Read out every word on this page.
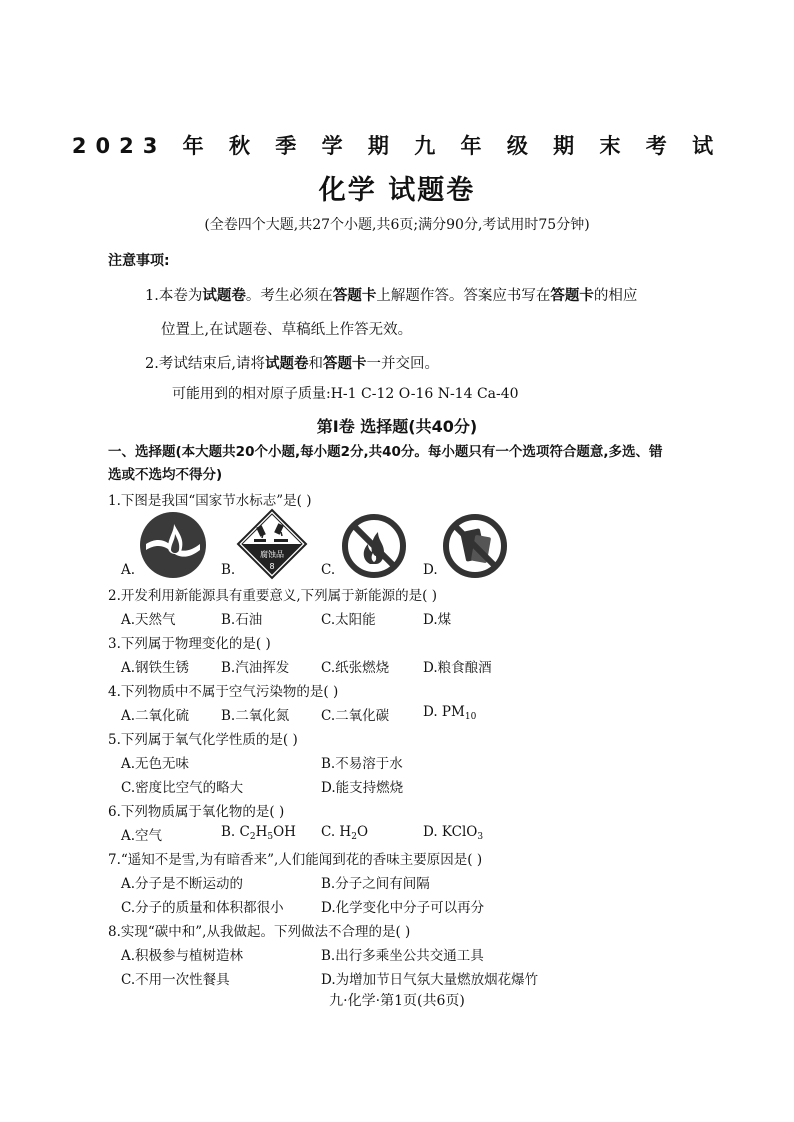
2023 年 秋 季 学 期 九 年 级 期 末 考 试
化学 试题卷
(全卷四个大题,共27个小题,共6页;满分90分,考试用时75分钟)
注意事项:
1.本卷为试题卷。考生必须在答题卡上解题作答。答案应书写在答题卡的相应
位置上,在试题卷、草稿纸上作答无效。
2.考试结束后,请将试题卷和答题卡一并交回。
可能用到的相对原子质量:H-1 C-12 O-16 N-14 Ca-40
第Ⅰ卷 选择题(共40分)
一、选择题(本大题共20个小题,每小题2分,共40分。每小题只有一个选项符合题意,多选、错
选或不选均不得分)
1.下图是我国“国家节水标志”是( )
A.	B.	C.	D.
腐蚀品
8
2.开发利用新能源具有重要意义,下列属于新能源的是( )
A.天然气	B.石油	C.太阳能	D.煤
3.下列属于物理变化的是( )
A.钢铁生锈 B.汽油挥发 C.纸张燃烧	D.粮食酿酒
4.下列物质中不属于空气污染物的是( )
A.二氧化硫 B.二氧化氮 C.二氧化碳	D. $PM_{10}$
5.下列属于氧气化学性质的是( )
A.无色无味	B.不易溶于水
C.密度比空气的略大	D.能支持燃烧
6.下列物质属于氧化物的是( )
A.空气	B. $C_2H_5OH$ C. $H_2O$	D. KClO$_3$
7.“遥知不是雪,为有暗香来”,人们能闻到花的香味主要原因是( )
A.分子是不断运动的	B.分子之间有间隔
C.分子的质量和体积都很小	D.化学变化中分子可以再分
8.实现“碳中和”,从我做起。下列做法不合理的是( )
A.积极参与植树造林	B.出行多乘坐公共交通工具
C.不用一次性餐具	D.为增加节日气氛大量燃放烟花爆竹
九·化学·第1页(共6页)
